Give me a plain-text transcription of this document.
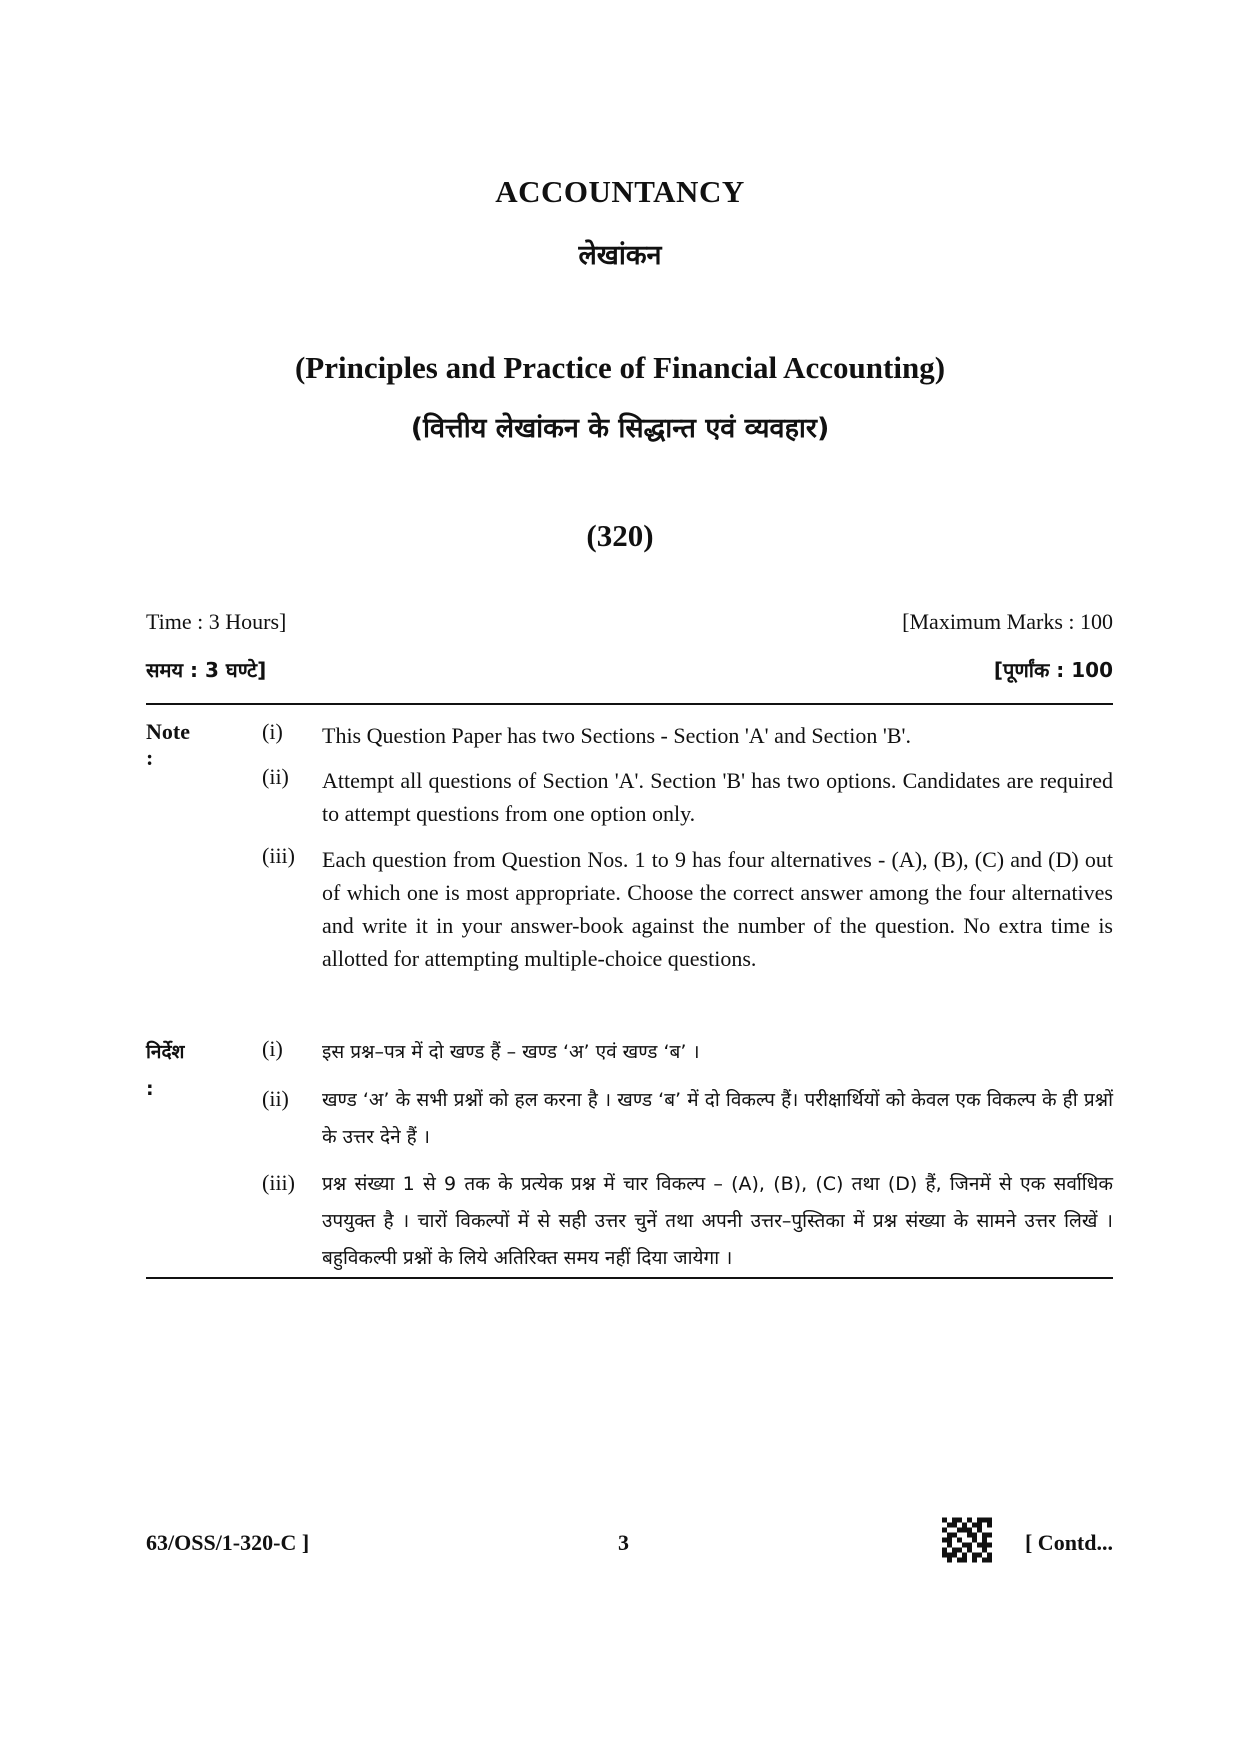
ACCOUNTANCY
लेखांकन
(Principles and Practice of Financial Accounting)
(वित्तीय लेखांकन के सिद्धान्त एवं व्यवहार)
(320)
Time : 3 Hours]	[Maximum Marks : 100
समय : 3 घण्टे]	[पूर्णांक : 100
Note :
(i) This Question Paper has two Sections - Section 'A' and Section 'B'.
(ii) Attempt all questions of Section 'A'. Section 'B' has two options. Candidates are required to attempt questions from one option only.
(iii) Each question from Question Nos. 1 to 9 has four alternatives - (A), (B), (C) and (D) out of which one is most appropriate. Choose the correct answer among the four alternatives and write it in your answer-book against the number of the question. No extra time is allotted for attempting multiple-choice questions.
निर्देश :
(i) इस प्रश्न–पत्र में दो खण्ड हैं – खण्ड ‘अ’ एवं खण्ड ‘ब’ ।
(ii) खण्ड ‘अ’ के सभी प्रश्नों को हल करना है । खण्ड ‘ब’ में दो विकल्प हैं। परीक्षार्थियों को केवल एक विकल्प के ही प्रश्नों के उत्तर देने हैं ।
(iii) प्रश्न संख्या 1 से 9 तक के प्रत्येक प्रश्न में चार विकल्प – (A), (B), (C) तथा (D) हैं, जिनमें से एक सर्वाधिक उपयुक्त है । चारों विकल्पों में से सही उत्तर चुनें तथा अपनी उत्तर–पुस्तिका में प्रश्न संख्या के सामने उत्तर लिखें । बहुविकल्पी प्रश्नों के लिये अतिरिक्त समय नहीं दिया जायेगा ।
63/OSS/1-320-C ]	3	[ Contd...
